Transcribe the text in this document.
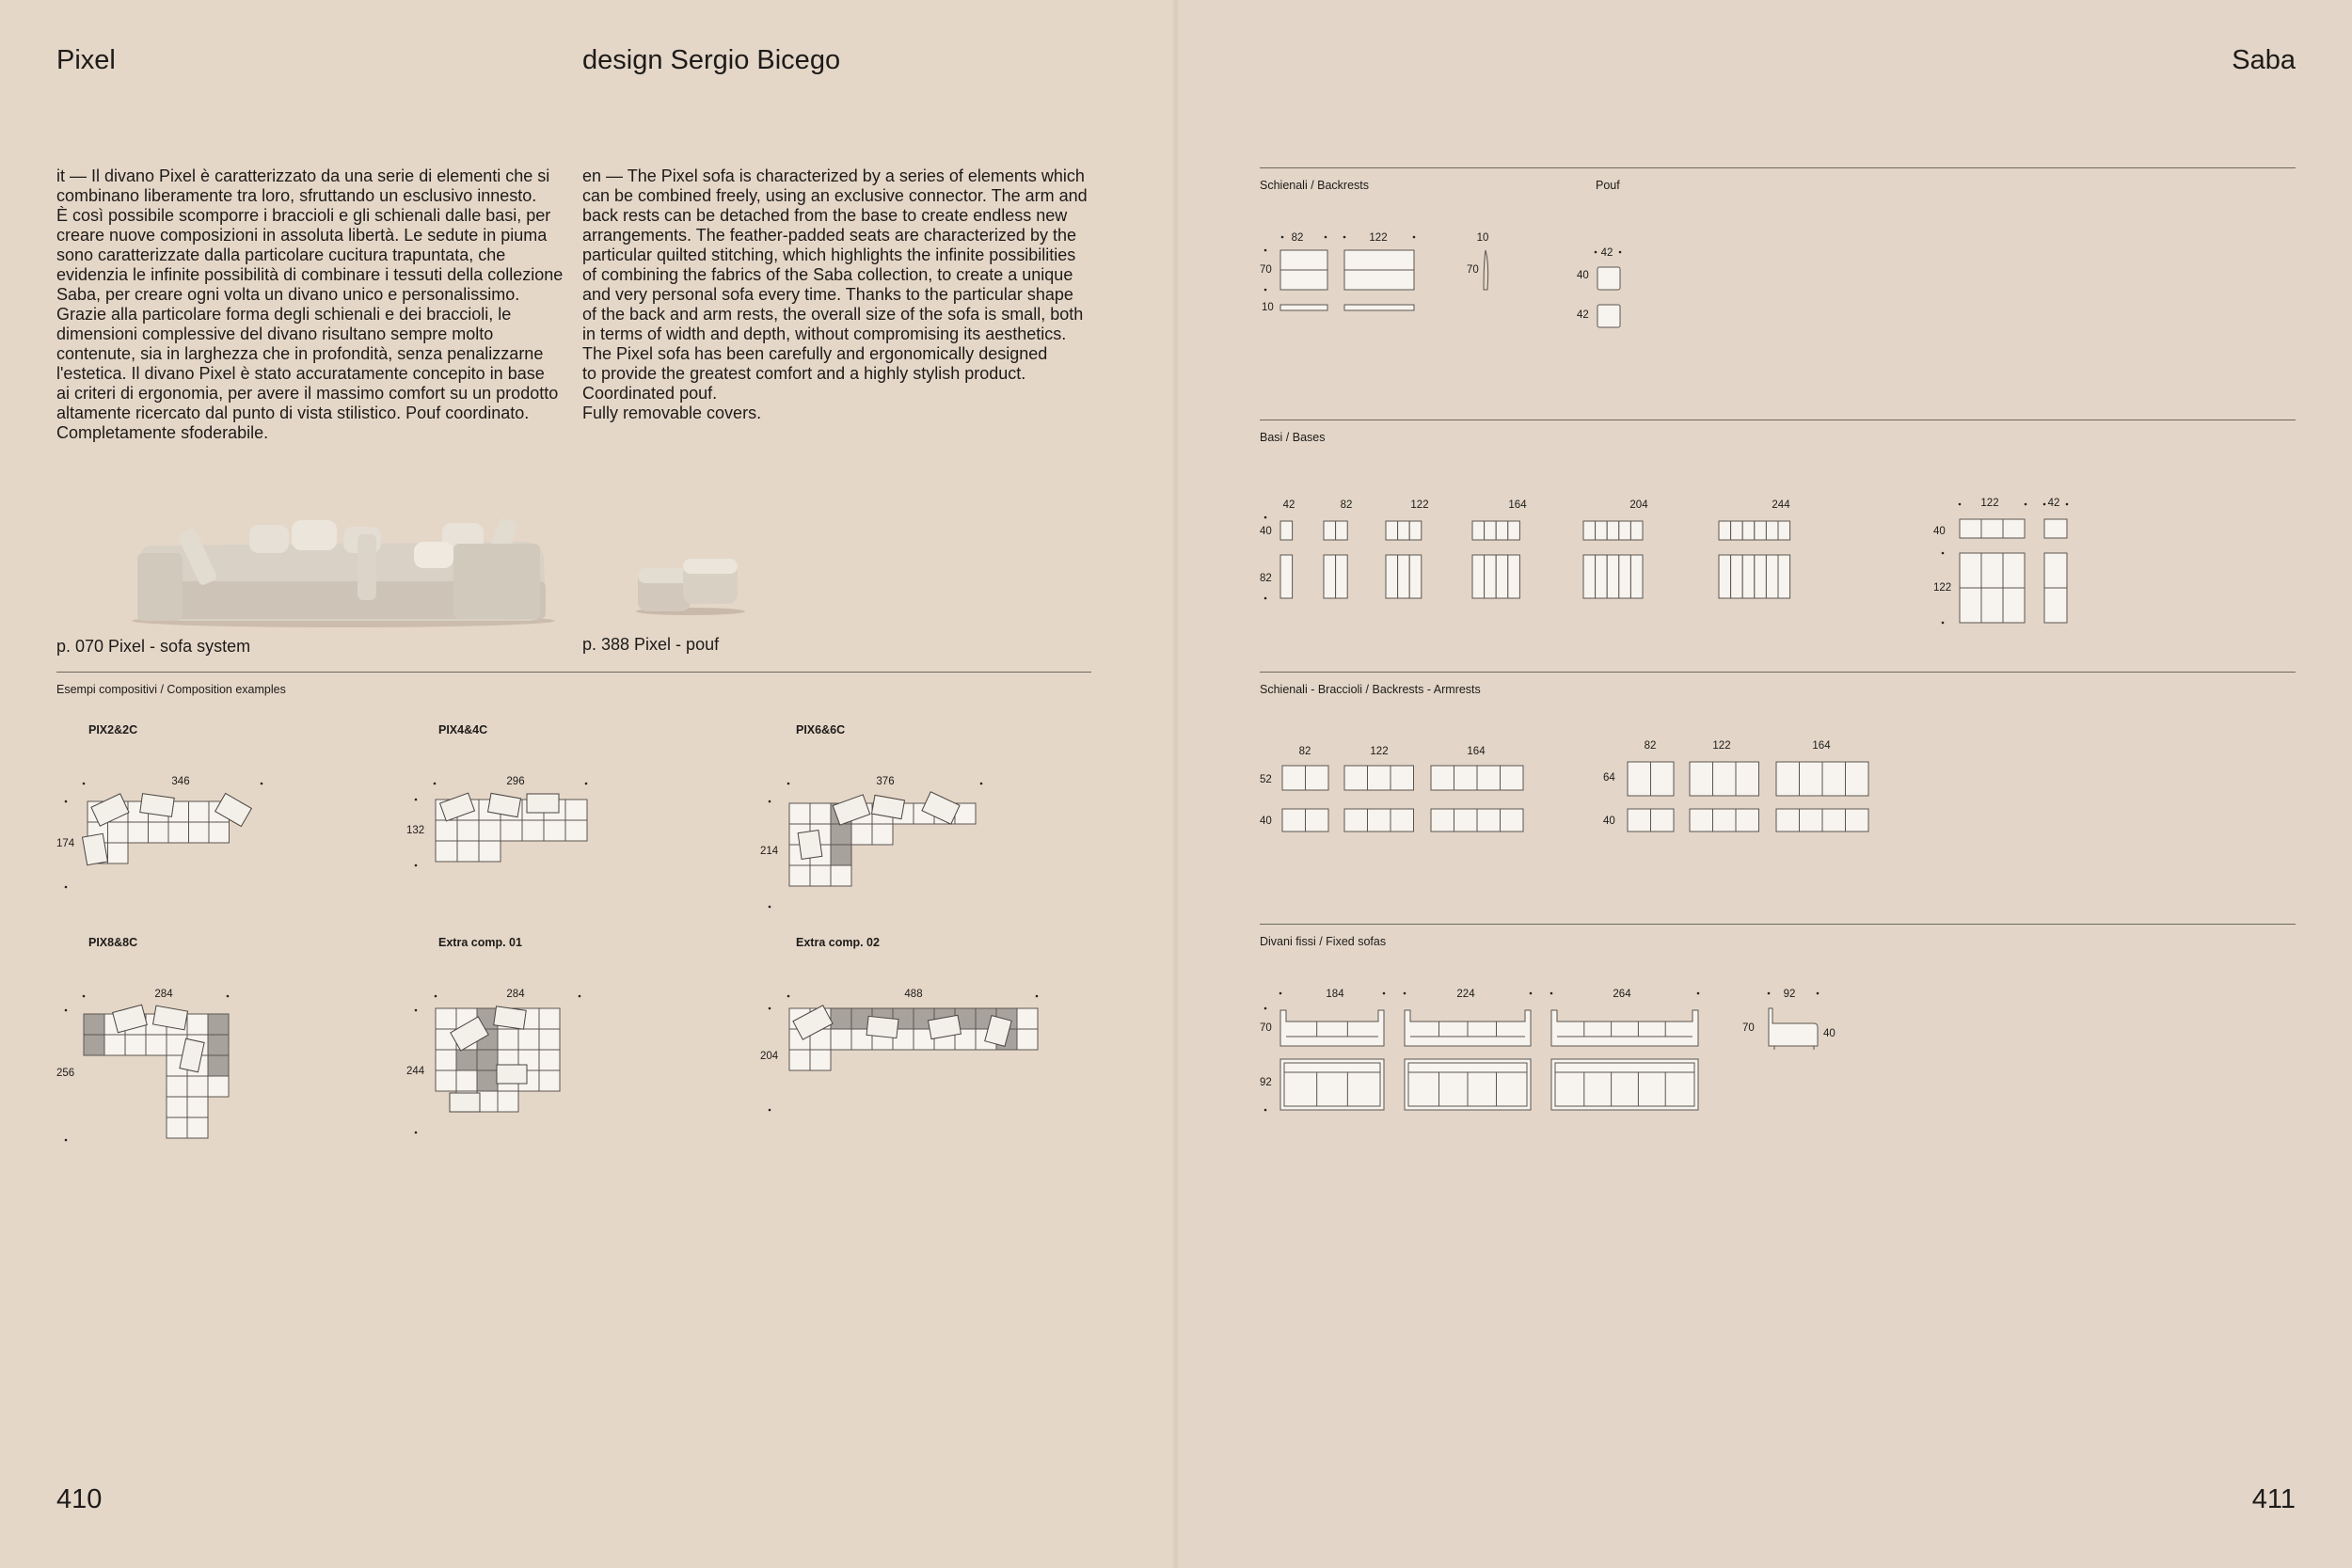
Pixel	design Sergio Bicego	Saba
it — Il divano Pixel è caratterizzato da una serie di elementi che si
combinano liberamente tra loro, sfruttando un esclusivo innesto.
È così possibile scomporre i braccioli e gli schienali dalle basi, per
creare nuove composizioni in assoluta libertà. Le sedute in piuma
sono caratterizzate dalla particolare cucitura trapuntata, che
evidenzia le infinite possibilità di combinare i tessuti della collezione
Saba, per creare ogni volta un divano unico e personalissimo.
Grazie alla particolare forma degli schienali e dei braccioli, le
dimensioni complessive del divano risultano sempre molto
contenute, sia in larghezza che in profondità, senza penalizzarne
l'estetica. Il divano Pixel è stato accuratamente concepito in base
ai criteri di ergonomia, per avere il massimo comfort su un prodotto
altamente ricercato dal punto di vista stilistico. Pouf coordinato.
Completamente sfoderabile.
en — The Pixel sofa is characterized by a series of elements which
can be combined freely, using an exclusive connector. The arm and
back rests can be detached from the base to create endless new
arrangements. The feather-padded seats are characterized by the
particular quilted stitching, which highlights the infinite possibilities
of combining the fabrics of the Saba collection, to create a unique
and very personal sofa every time. Thanks to the particular shape
of the back and arm rests, the overall size of the sofa is small, both
in terms of width and depth, without compromising its aesthetics.
The Pixel sofa has been carefully and ergonomically designed
to provide the greatest comfort and a highly stylish product.
Coordinated pouf.
Fully removable covers.
p. 070 Pixel - sofa system	p. 388 Pixel - pouf
Esempi compositivi / Composition examples
Schienali / Backrests	Pouf
Basi / Bases
Schienali - Braccioli / Backrests - Armrests
Divani fissi / Fixed sofas
PIX2&2C	PIX4&4C	PIX6&6C
PIX8&8C	Extra comp. 01	Extra comp. 02
346
174
296
132
376
214
284
256
284
244
488
204
82	122
70
10
10
70
42
40
42
40
82
42	82	122	164	204	244	122	42
40
122
82	122	164
52
40
82	122	164
64
40
184	224	264
70
92
92
70	40
410	411
